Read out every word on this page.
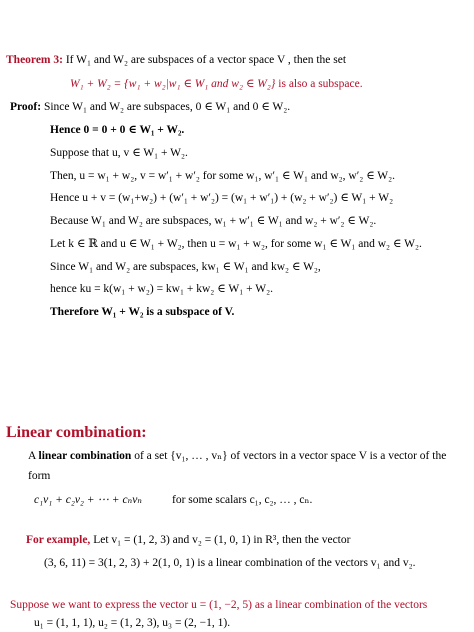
Theorem 3: If W₁ and W₂ are subspaces of a vector space V , then the set
W₁ + W₂ = {w₁ + w₂|w₁ ∈ W₁ and w₂ ∈ W₂} is also a subspace.
Proof: Since W₁ and W₂ are subspaces, 0 ∈ W₁ and 0 ∈ W₂.
Hence 0 = 0 + 0 ∈ W₁ + W₂.
Suppose that u, v ∈ W₁ + W₂.
Then, u = w₁ + w₂, v = w′₁ + w′₂ for some w₁, w′₁ ∈ W₁ and w₂, w′₂ ∈ W₂.
Hence u + v = (w₁+w₂) + (w′₁ + w′₂) = (w₁ + w′₁) + (w₂ + w′₂) ∈ W₁ + W₂
Because W₁ and W₂ are subspaces, w₁ + w′₁ ∈ W₁ and w₂ + w′₂ ∈ W₂.
Let k ∈ ℝ and u ∈ W₁ + W₂, then u = w₁ + w₂, for some w₁ ∈ W₁ and w₂ ∈ W₂.
Since W₁ and W₂ are subspaces, kw₁ ∈ W₁ and kw₂ ∈ W₂,
hence ku = k(w₁ + w₂) = kw₁ + kw₂ ∈ W₁ + W₂.
Therefore W₁ + W₂ is a subspace of V.
Linear combination:
A linear combination of a set {v₁, … , vₙ} of vectors in a vector space V is a vector of the
form
c₁v₁ + c₂v₂ + ⋯ + cₙvₙ	for some scalars c₁, c₂, … , cₙ.
For example, Let v₁ = (1, 2, 3) and v₂ = (1, 0, 1) in R³, then the vector
(3, 6, 11) = 3(1, 2, 3) + 2(1, 0, 1) is a linear combination of the vectors v₁ and v₂.
Suppose we want to express the vector u = (1, −2, 5) as a linear combination of the vectors
u₁ = (1, 1, 1), u₂ = (1, 2, 3), u₃ = (2, −1, 1).
